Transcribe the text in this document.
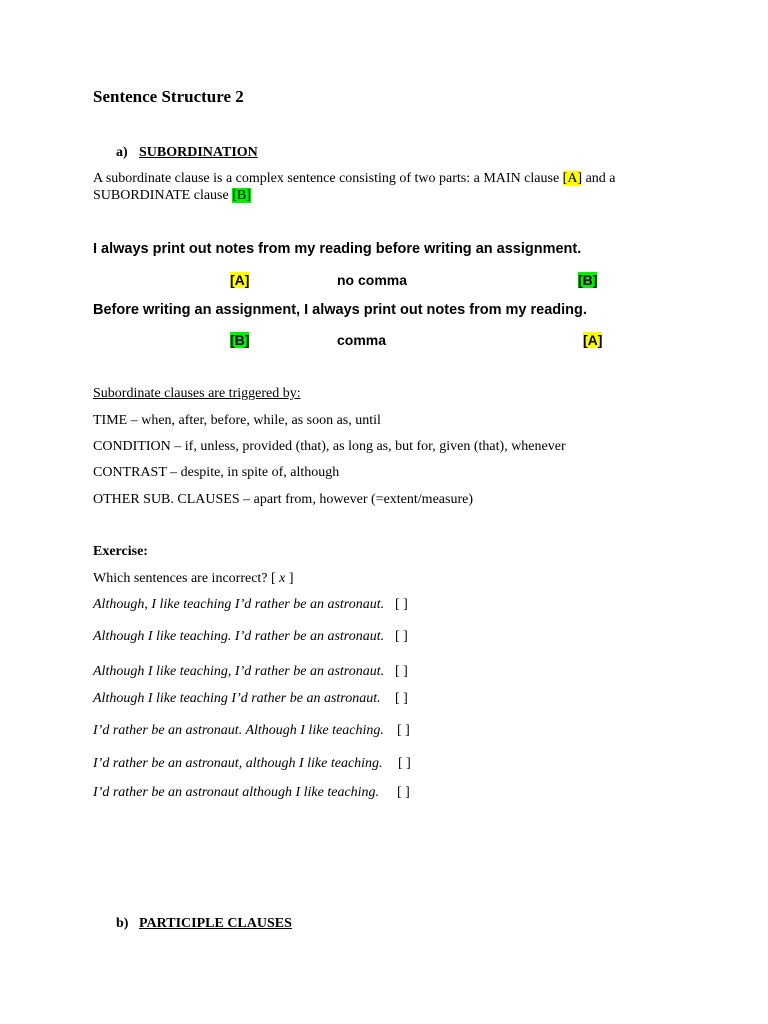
Sentence Structure 2
a) SUBORDINATION
A subordinate clause is a complex sentence consisting of two parts: a MAIN clause [A] and a SUBORDINATE clause [B]
I always print out notes from my reading before writing an assignment.
[A]	no comma	[B]
Before writing an assignment, I always print out notes from my reading.
[B]	comma	[A]
Subordinate clauses are triggered by:
TIME – when, after, before, while, as soon as, until
CONDITION – if, unless, provided (that), as long as, but for, given (that), whenever
CONTRAST – despite, in spite of, although
OTHER SUB. CLAUSES – apart from, however (=extent/measure)
Exercise:
Which sentences are incorrect? [ x ]
Although, I like teaching I’d rather be an astronaut. [ ]
Although I like teaching. I’d rather be an astronaut. [ ]
Although I like teaching, I’d rather be an astronaut. [ ]
Although I like teaching I’d rather be an astronaut. [ ]
I’d rather be an astronaut. Although I like teaching. [ ]
I’d rather be an astronaut, although I like teaching. [ ]
I’d rather be an astronaut although I like teaching. [ ]
b) PARTICIPLE CLAUSES
